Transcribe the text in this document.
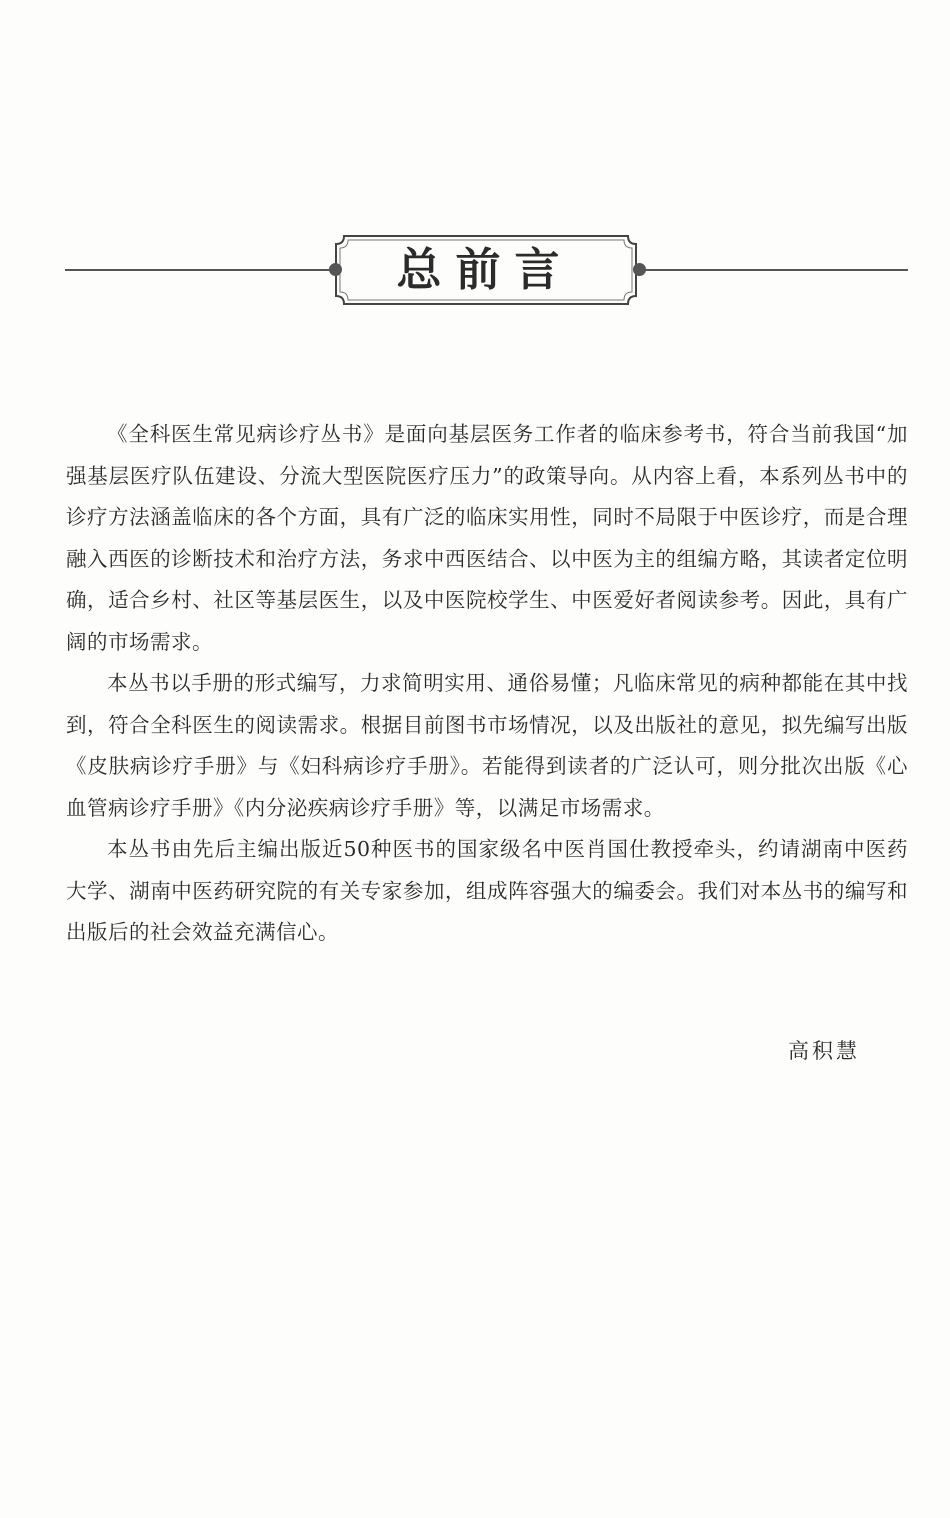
总前言

《全科医生常见病诊疗丛书》是面向基层医务工作者的临床参考书，符合当前我国“加强基层医疗队伍建设、分流大型医院医疗压力”的政策导向。从内容上看，本系列丛书中的诊疗方法涵盖临床的各个方面，具有广泛的临床实用性，同时不局限于中医诊疗，而是合理融入西医的诊断技术和治疗方法，务求中西医结合、以中医为主的组编方略，其读者定位明确，适合乡村、社区等基层医生，以及中医院校学生、中医爱好者阅读参考。因此，具有广阔的市场需求。

本丛书以手册的形式编写，力求简明实用、通俗易懂；凡临床常见的病种都能在其中找到，符合全科医生的阅读需求。根据目前图书市场情况，以及出版社的意见，拟先编写出版《皮肤病诊疗手册》与《妇科病诊疗手册》。若能得到读者的广泛认可，则分批次出版《心血管病诊疗手册》《内分泌疾病诊疗手册》等，以满足市场需求。

本丛书由先后主编出版近50种医书的国家级名中医肖国仕教授牵头，约请湖南中医药大学、湖南中医药研究院的有关专家参加，组成阵容强大的编委会。我们对本丛书的编写和出版后的社会效益充满信心。

高积慧
